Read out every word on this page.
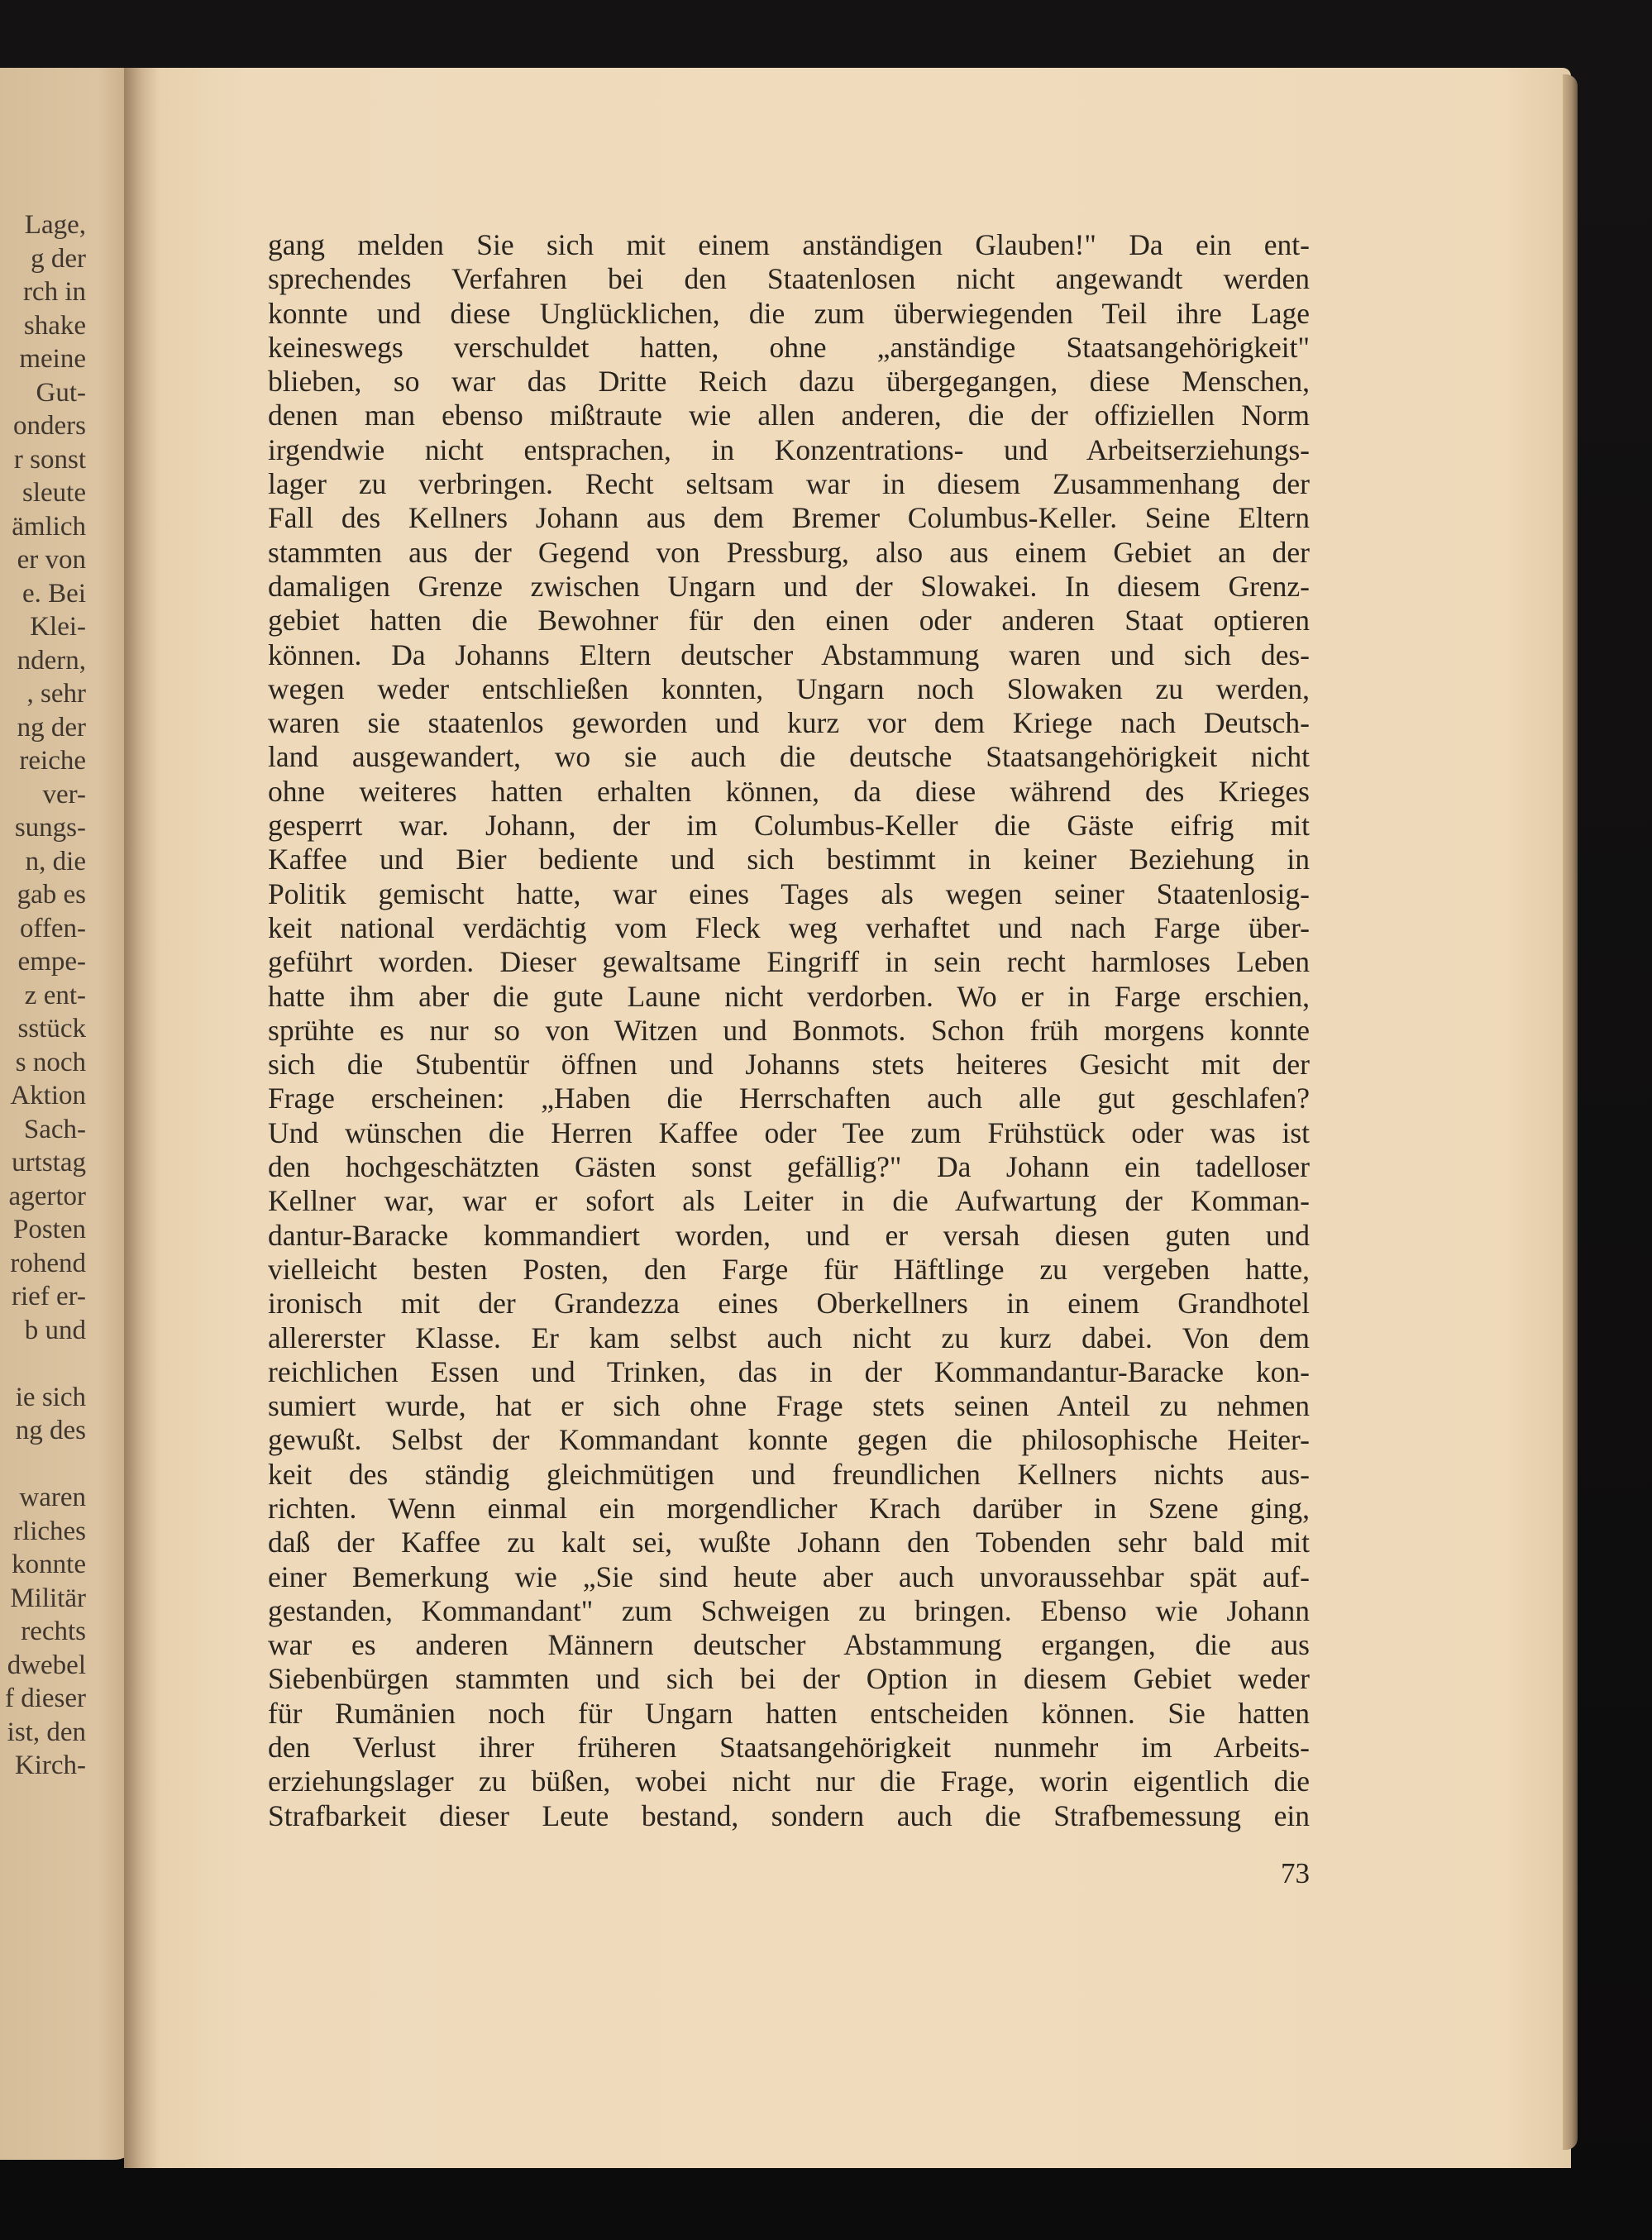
Lage,
g der
rch in
shake
meine
Gut-
onders
r sonst
sleute
ämlich
er von
e. Bei
Klei-
ndern,
, sehr
ng der
reiche
ver-
sungs-
n, die
gab es
offen-
empe-
z ent-
sstück
s noch
Aktion
Sach-
urtstag
agertor
Posten
rohend
rief er-
b und

ie sich
ng des

waren
rliches
konnte
Militär
rechts
dwebel
f dieser
ist, den
Kirch-
gang melden Sie sich mit einem anständigen Glauben!" Da ein ent-
sprechendes Verfahren bei den Staatenlosen nicht angewandt werden
konnte und diese Unglücklichen, die zum überwiegenden Teil ihre Lage
keineswegs verschuldet hatten, ohne „anständige Staatsangehörigkeit"
blieben, so war das Dritte Reich dazu übergegangen, diese Menschen,
denen man ebenso mißtraute wie allen anderen, die der offiziellen Norm
irgendwie nicht entsprachen, in Konzentrations- und Arbeitserziehungs-
lager zu verbringen. Recht seltsam war in diesem Zusammenhang der
Fall des Kellners Johann aus dem Bremer Columbus-Keller. Seine Eltern
stammten aus der Gegend von Pressburg, also aus einem Gebiet an der
damaligen Grenze zwischen Ungarn und der Slowakei. In diesem Grenz-
gebiet hatten die Bewohner für den einen oder anderen Staat optieren
können. Da Johanns Eltern deutscher Abstammung waren und sich des-
wegen weder entschließen konnten, Ungarn noch Slowaken zu werden,
waren sie staatenlos geworden und kurz vor dem Kriege nach Deutsch-
land ausgewandert, wo sie auch die deutsche Staatsangehörigkeit nicht
ohne weiteres hatten erhalten können, da diese während des Krieges
gesperrt war. Johann, der im Columbus-Keller die Gäste eifrig mit
Kaffee und Bier bediente und sich bestimmt in keiner Beziehung in
Politik gemischt hatte, war eines Tages als wegen seiner Staatenlosig-
keit national verdächtig vom Fleck weg verhaftet und nach Farge über-
geführt worden. Dieser gewaltsame Eingriff in sein recht harmloses Leben
hatte ihm aber die gute Laune nicht verdorben. Wo er in Farge erschien,
sprühte es nur so von Witzen und Bonmots. Schon früh morgens konnte
sich die Stubentür öffnen und Johanns stets heiteres Gesicht mit der
Frage erscheinen: „Haben die Herrschaften auch alle gut geschlafen?
Und wünschen die Herren Kaffee oder Tee zum Frühstück oder was ist
den hochgeschätzten Gästen sonst gefällig?" Da Johann ein tadelloser
Kellner war, war er sofort als Leiter in die Aufwartung der Komman-
dantur-Baracke kommandiert worden, und er versah diesen guten und
vielleicht besten Posten, den Farge für Häftlinge zu vergeben hatte,
ironisch mit der Grandezza eines Oberkellners in einem Grandhotel
allererster Klasse. Er kam selbst auch nicht zu kurz dabei. Von dem
reichlichen Essen und Trinken, das in der Kommandantur-Baracke kon-
sumiert wurde, hat er sich ohne Frage stets seinen Anteil zu nehmen
gewußt. Selbst der Kommandant konnte gegen die philosophische Heiter-
keit des ständig gleichmütigen und freundlichen Kellners nichts aus-
richten. Wenn einmal ein morgendlicher Krach darüber in Szene ging,
daß der Kaffee zu kalt sei, wußte Johann den Tobenden sehr bald mit
einer Bemerkung wie „Sie sind heute aber auch unvoraussehbar spät auf-
gestanden, Kommandant" zum Schweigen zu bringen. Ebenso wie Johann
war es anderen Männern deutscher Abstammung ergangen, die aus
Siebenbürgen stammten und sich bei der Option in diesem Gebiet weder
für Rumänien noch für Ungarn hatten entscheiden können. Sie hatten
den Verlust ihrer früheren Staatsangehörigkeit nunmehr im Arbeits-
erziehungslager zu büßen, wobei nicht nur die Frage, worin eigentlich die
Strafbarkeit dieser Leute bestand, sondern auch die Strafbemessung ein
73
